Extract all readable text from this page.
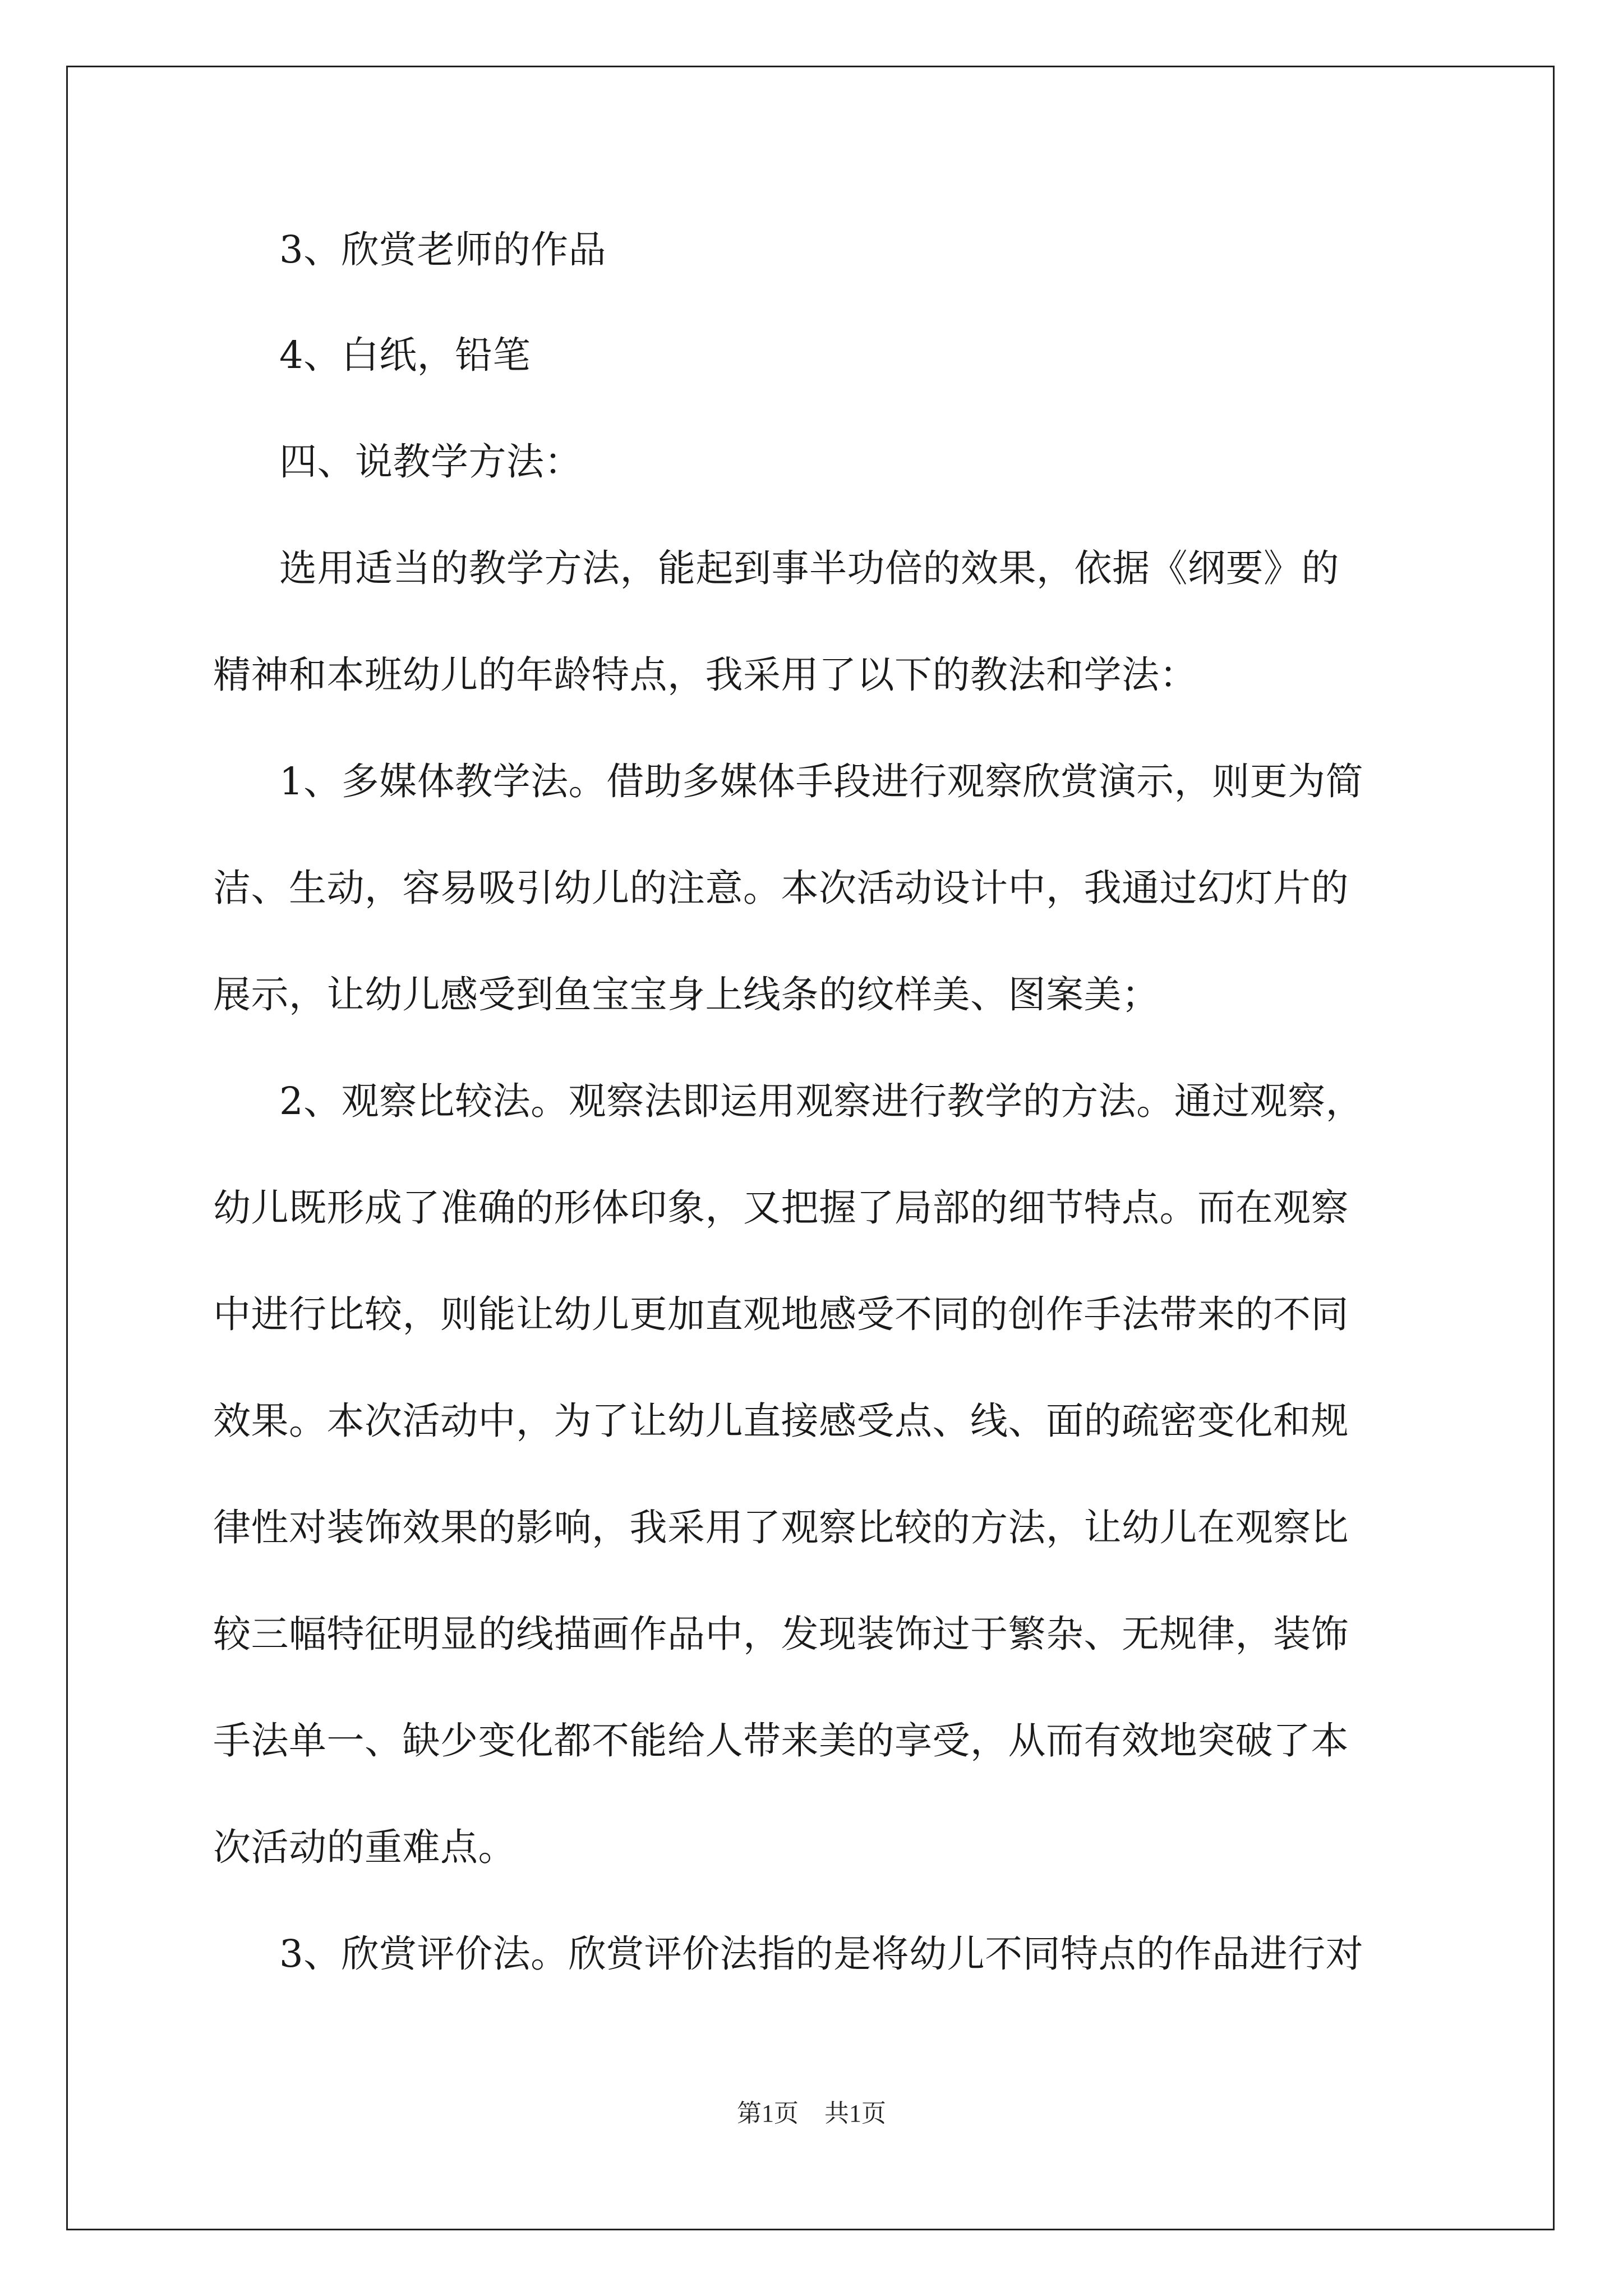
3、欣赏老师的作品
4、白纸，铅笔
四、说教学方法：
选用适当的教学方法，能起到事半功倍的效果，依据《纲要》的
精神和本班幼儿的年龄特点，我采用了以下的教法和学法：
1、多媒体教学法。借助多媒体手段进行观察欣赏演示，则更为简
洁、生动，容易吸引幼儿的注意。本次活动设计中，我通过幻灯片的
展示，让幼儿感受到鱼宝宝身上线条的纹样美、图案美；
2、观察比较法。观察法即运用观察进行教学的方法。通过观察，
幼儿既形成了准确的形体印象，又把握了局部的细节特点。而在观察
中进行比较，则能让幼儿更加直观地感受不同的创作手法带来的不同
效果。本次活动中，为了让幼儿直接感受点、线、面的疏密变化和规
律性对装饰效果的影响，我采用了观察比较的方法，让幼儿在观察比
较三幅特征明显的线描画作品中，发现装饰过于繁杂、无规律，装饰
手法单一、缺少变化都不能给人带来美的享受，从而有效地突破了本
次活动的重难点。
3、欣赏评价法。欣赏评价法指的是将幼儿不同特点的作品进行对
第1页 共1页
